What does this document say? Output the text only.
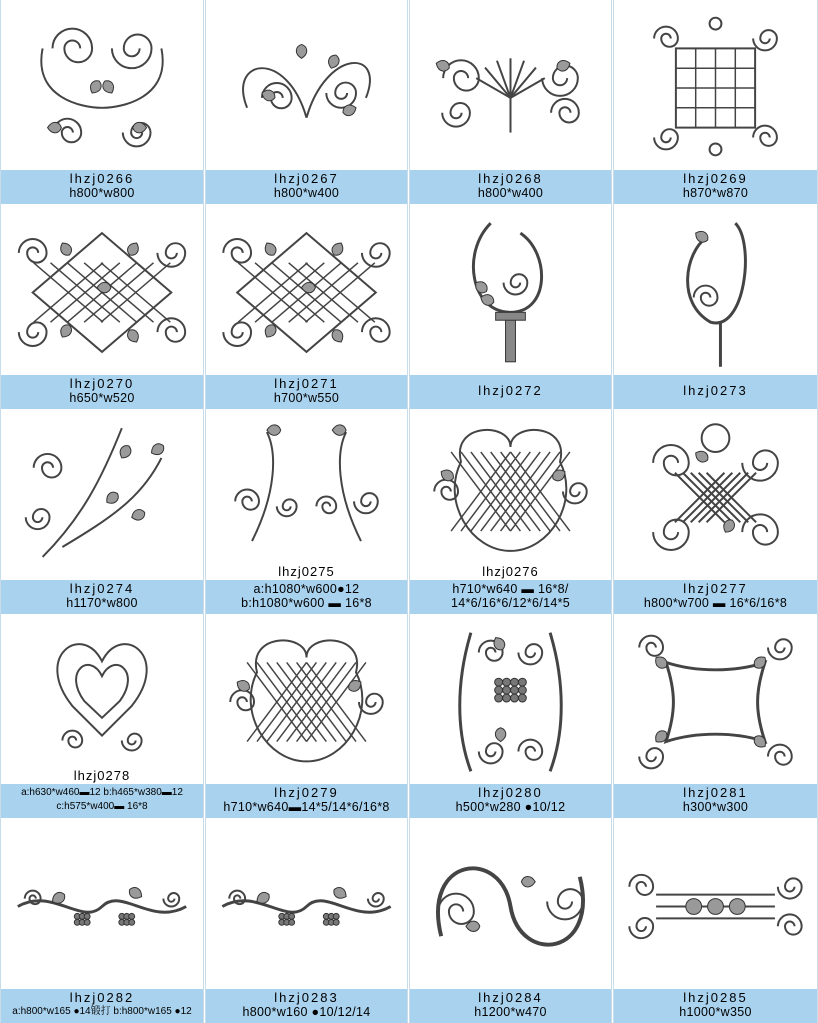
lhzj0266
h800*w800
lhzj0267
h800*w400
lhzj0268
h800*w400
lhzj0269
h870*w870
lhzj0270
h650*w520
lhzj0271
h700*w550	lhzj0272	lhzj0273
lhzj0274
h1170*w800
lhzj0275
a:h1080*w600●12
b:h1080*w600 ▬ 16*8
lhzj0276
h710*w640 ▬ 16*8/
14*6/16*6/12*6/14*5
lhzj0277
h800*w700 ▬ 16*6/16*8
lhzj0278
a:h630*w460▬12 b:h465*w380▬12
c:h575*w400▬ 16*8
lhzj0279
h710*w640▬14*5/14*6/16*8
lhzj0280
h500*w280 ●10/12
lhzj0281
h300*w300
lhzj0282
a:h800*w165 ●14锻打 b:h800*w165 ●12
lhzj0283
h800*w160 ●10/12/14
lhzj0284
h1200*w470
lhzj0285
h1000*w350
